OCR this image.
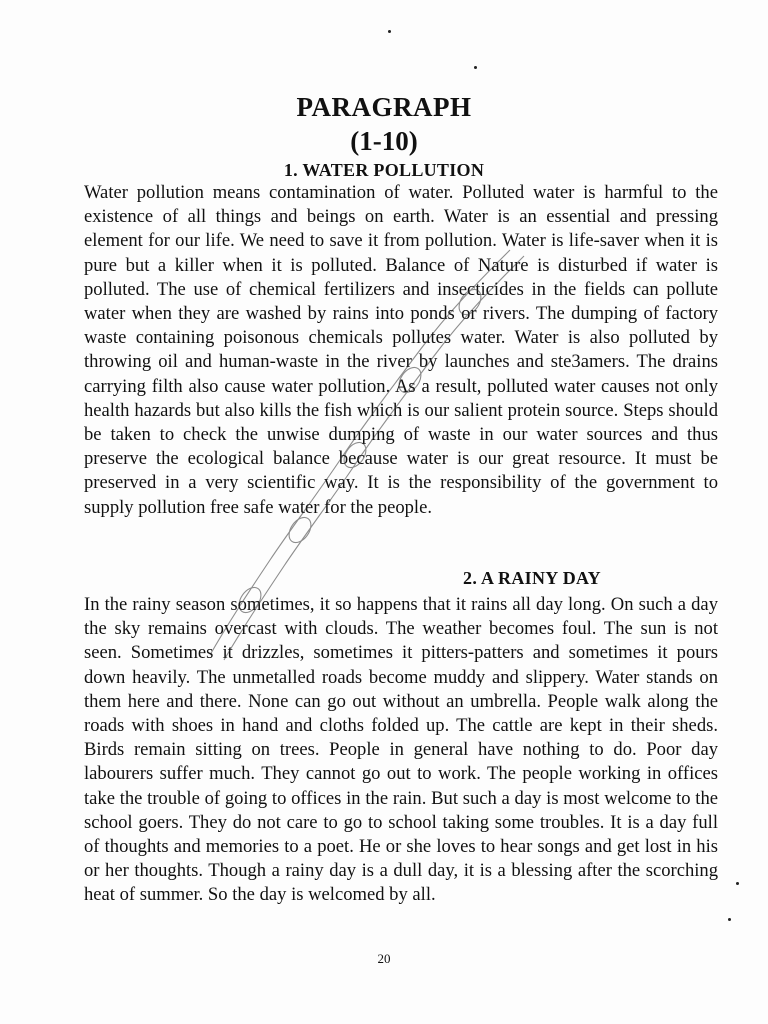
PARAGRAPH
(1-10)
1. WATER POLLUTION

Water pollution means contamination of water. Polluted water is harmful to the existence of all things and beings on earth. Water is an essential and pressing element for our life. We need to save it from pollution. Water is life-saver when it is pure but a killer when it is polluted. Balance of Nature is disturbed if water is polluted. The use of chemical fertilizers and insecticides in the fields can pollute water when they are washed by rains into ponds or rivers. The dumping of factory waste containing poisonous chemicals pollutes water. Water is also polluted by throwing oil and human-waste in the river by launches and ste3amers. The drains carrying filth also cause water pollution. As a result, polluted water causes not only health hazards but also kills the fish which is our salient protein source. Steps should be taken to check the unwise dumping of waste in our water sources and thus preserve the ecological balance because water is our great resource. It must be preserved in a very scientific way. It is the responsibility of the government to supply pollution free safe water for the people.

2. A RAINY DAY

In the rainy season sometimes, it so happens that it rains all day long. On such a day the sky remains overcast with clouds. The weather becomes foul. The sun is not seen. Sometimes it drizzles, sometimes it pitters-patters and sometimes it pours down heavily. The unmetalled roads become muddy and slippery. Water stands on them here and there. None can go out without an umbrella. People walk along the roads with shoes in hand and cloths folded up. The cattle are kept in their sheds. Birds remain sitting on trees. People in general have nothing to do. Poor day labourers suffer much. They cannot go out to work. The people working in offices take the trouble of going to offices in the rain. But such a day is most welcome to the school goers. They do not care to go to school taking some troubles. It is a day full of thoughts and memories to a poet. He or she loves to hear songs and get lost in his or her thoughts. Though a rainy day is a dull day, it is a blessing after the scorching heat of summer. So the day is welcomed by all.

20
